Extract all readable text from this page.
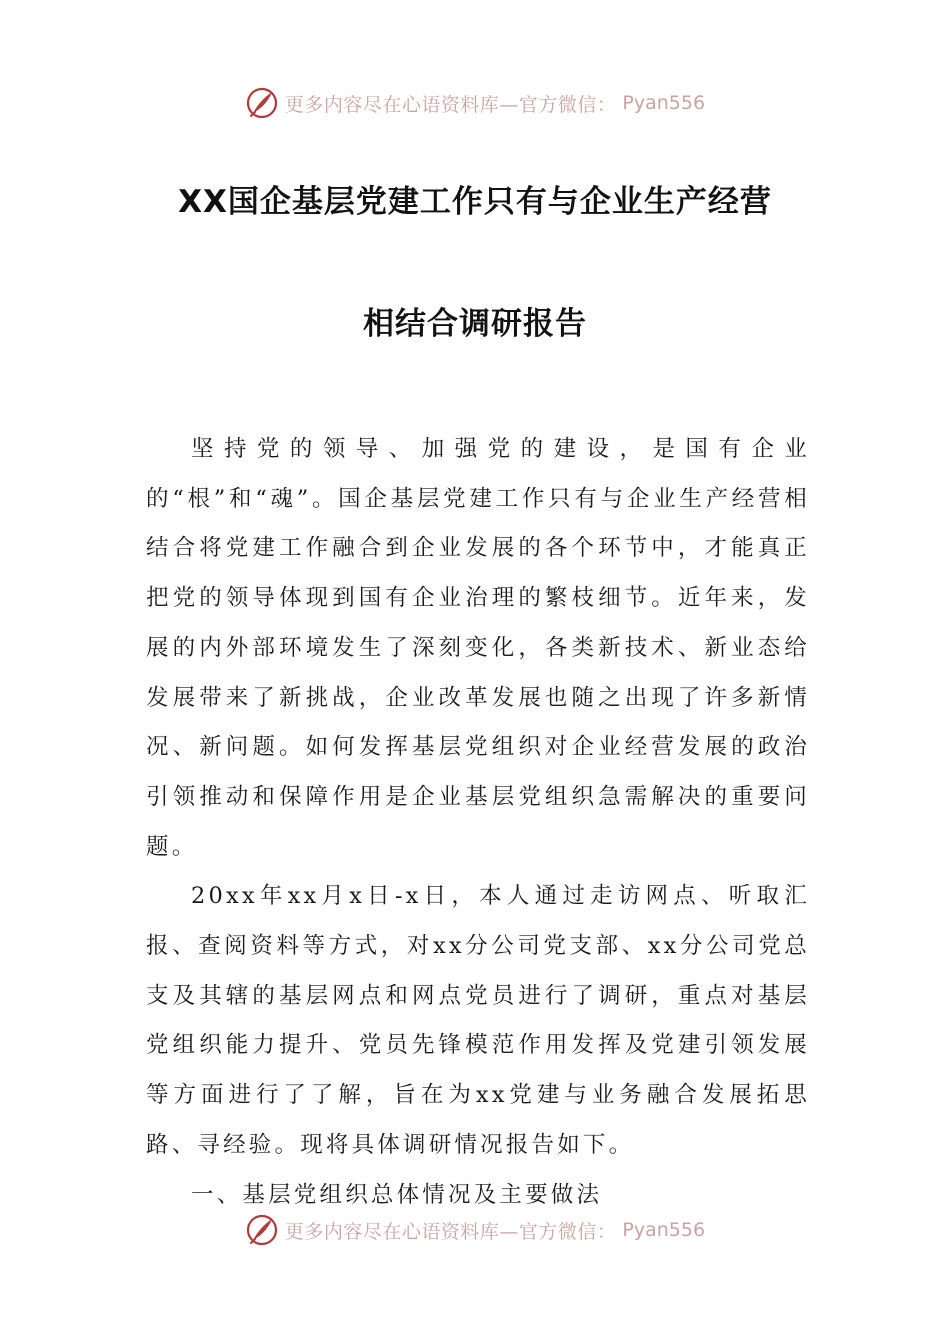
更多内容尽在心语资料库—官方微信： Pyan556
XX国企基层党建工作只有与企业生产经营
相结合调研报告

坚持党的领导、加强党的建设，是国有企业的“根”和“魂”。国企基层党建工作只有与企业生产经营相结合将党建工作融合到企业发展的各个环节中，才能真正把党的领导体现到国有企业治理的繁枝细节。近年来，发展的内外部环境发生了深刻变化，各类新技术、新业态给发展带来了新挑战，企业改革发展也随之出现了许多新情况、新问题。如何发挥基层党组织对企业经营发展的政治引领推动和保障作用是企业基层党组织急需解决的重要问题。

20xx年xx月x日-x日，本人通过走访网点、听取汇报、查阅资料等方式，对xx分公司党支部、xx分公司党总支及其辖的基层网点和网点党员进行了调研，重点对基层党组织能力提升、党员先锋模范作用发挥及党建引领发展等方面进行了了解，旨在为xx党建与业务融合发展拓思路、寻经验。现将具体调研情况报告如下。

一、基层党组织总体情况及主要做法

更多内容尽在心语资料库—官方微信： Pyan556
